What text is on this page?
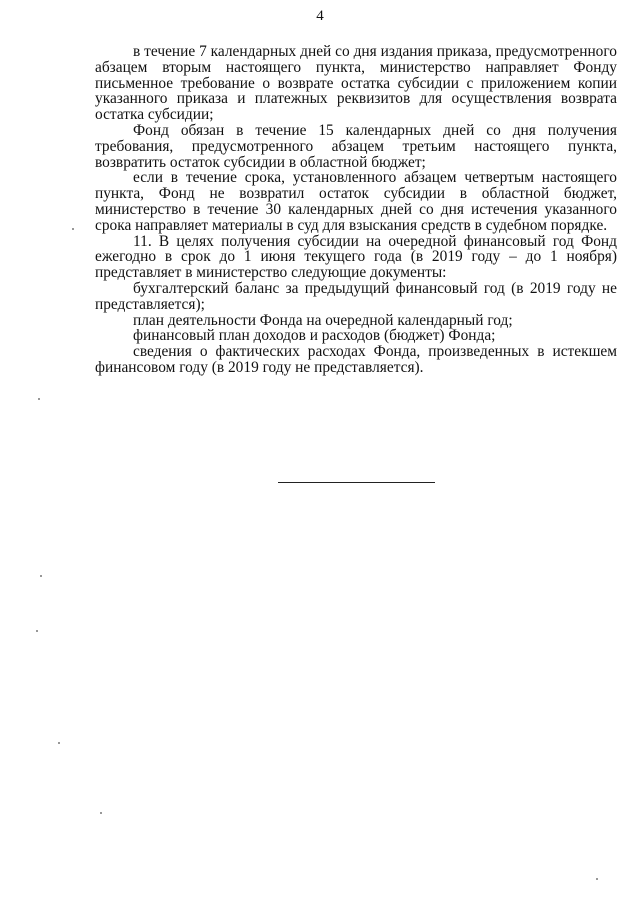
4

в течение 7 календарных дней со дня издания приказа, предусмотренного абзацем вторым настоящего пункта, министерство направляет Фонду письменное требование о возврате остатка субсидии с приложением копии указанного приказа и платежных реквизитов для осуществления возврата остатка субсидии;

Фонд обязан в течение 15 календарных дней со дня получения требования, предусмотренного абзацем третьим настоящего пункта, возвратить остаток субсидии в областной бюджет;

если в течение срока, установленного абзацем четвертым настоящего пункта, Фонд не возвратил остаток субсидии в областной бюджет, министерство в течение 30 календарных дней со дня истечения указанного срока направляет материалы в суд для взыскания средств в судебном порядке.

11. В целях получения субсидии на очередной финансовый год Фонд ежегодно в срок до 1 июня текущего года (в 2019 году – до 1 ноября) представляет в министерство следующие документы:

бухгалтерский баланс за предыдущий финансовый год (в 2019 году не представляется);

план деятельности Фонда на очередной календарный год;

финансовый план доходов и расходов (бюджет) Фонда;

сведения о фактических расходах Фонда, произведенных в истекшем финансовом году (в 2019 году не представляется).
